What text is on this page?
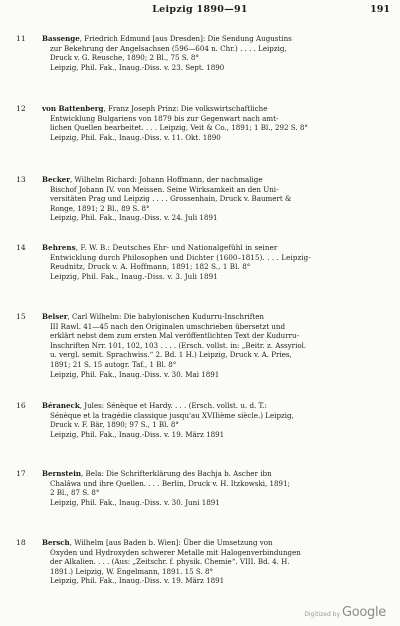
Leipzig 1890—91	191
11	Bassenge, Friedrich Edmund [aus Dresden]: Die Sendung Augustins
zur Bekehrung der Angelsachsen (596—604 n. Chr.) . . . . Leipzig,
Druck v. G. Reusche, 1890; 2 Bl., 75 S. 8°
Leipzig, Phil. Fak., Inaug.-Diss. v. 23. Sept. 1890
12	von Battenberg, Franz Joseph Prinz: Die volkswirtschaftliche
Entwicklung Bulgariens von 1879 bis zur Gegenwart nach amt-
lichen Quellen bearbeitet. . . . Leipzig, Veit & Co., 1891; 1 Bl., 292 S. 8°
Leipzig, Phil. Fak., Inaug.-Diss. v. 11. Okt. 1890
13	Becker, Wilhelm Richard: Johann Hoffmann, der nachmalige
Bischof Johann IV. von Meissen. Seine Wirksamkeit an den Uni-
versitäten Prag und Leipzig . . . . Grossenhain, Druck v. Baumert &
Ronge, 1891; 2 Bl., 89 S. 8°
Leipzig, Phil. Fak., Inaug.-Diss. v. 24. Juli 1891
14	Behrens, F. W. B.: Deutsches Ehr- und Nationalgefühl in seiner
Entwicklung durch Philosophen und Dichter (1600–1815). . . . Leipzig-
Reudnitz, Druck v. A. Hoffmann, 1891; 182 S., 1 Bl. 8°
Leipzig, Phil. Fak., Inaug.-Diss. v. 3. Juli 1891
15	Belser, Carl Wilhelm: Die babylonischen Kudurru-Inschriften
III Rawl. 41—45 nach den Originalen umschrieben übersetzt und
erklärt nebst dem zum ersten Mal veröffentlichten Text der Kudurru-
Inschriften Nrr. 101, 102, 103 . . . . (Ersch. vollst. in: „Beitr. z. Assyriol.
u. vergl. semit. Sprachwiss.“ 2. Bd. 1 H.) Leipzig, Druck v. A. Pries,
1891; 21 S. 15 autogr. Taf., 1 Bl. 8°
Leipzig, Phil. Fak., Inaug.-Diss. v. 30. Mai 1891
16	Béraneck, Jules: Sénèque et Hardy. . . . (Ersch. vollst. u. d. T.:
Sénèque et la tragédie classique jusqu'au XVIIième siècle.) Leipzig,
Druck v. F. Bär, 1890; 97 S., 1 Bl. 8°
Leipzig, Phil. Fak., Inaug.-Diss. v. 19. März 1891
17	Bernstein, Bela: Die Schrifterklärung des Bachja b. Ascher ibn
Chalâwa und ihre Quellen. . . . Berlin, Druck v. H. Itzkowski, 1891;
2 Bl., 87 S. 8°
Leipzig, Phil. Fak., Inaug.-Diss. v. 30. Juni 1891
18	Bersch, Wilhelm [aus Baden b. Wien]: Über die Umsetzung von
Oxyden und Hydroxyden schwerer Metalle mit Halogenverbindungen
der Alkalien. . . . (Aus: „Zeitschr. f. physik. Chemie“. VIII. Bd. 4. H.
1891.) Leipzig, W. Engelmann, 1891. 15 S. 8°
Leipzig, Phil. Fak., Inaug.-Diss. v. 19. März 1891
Digitized by Google
